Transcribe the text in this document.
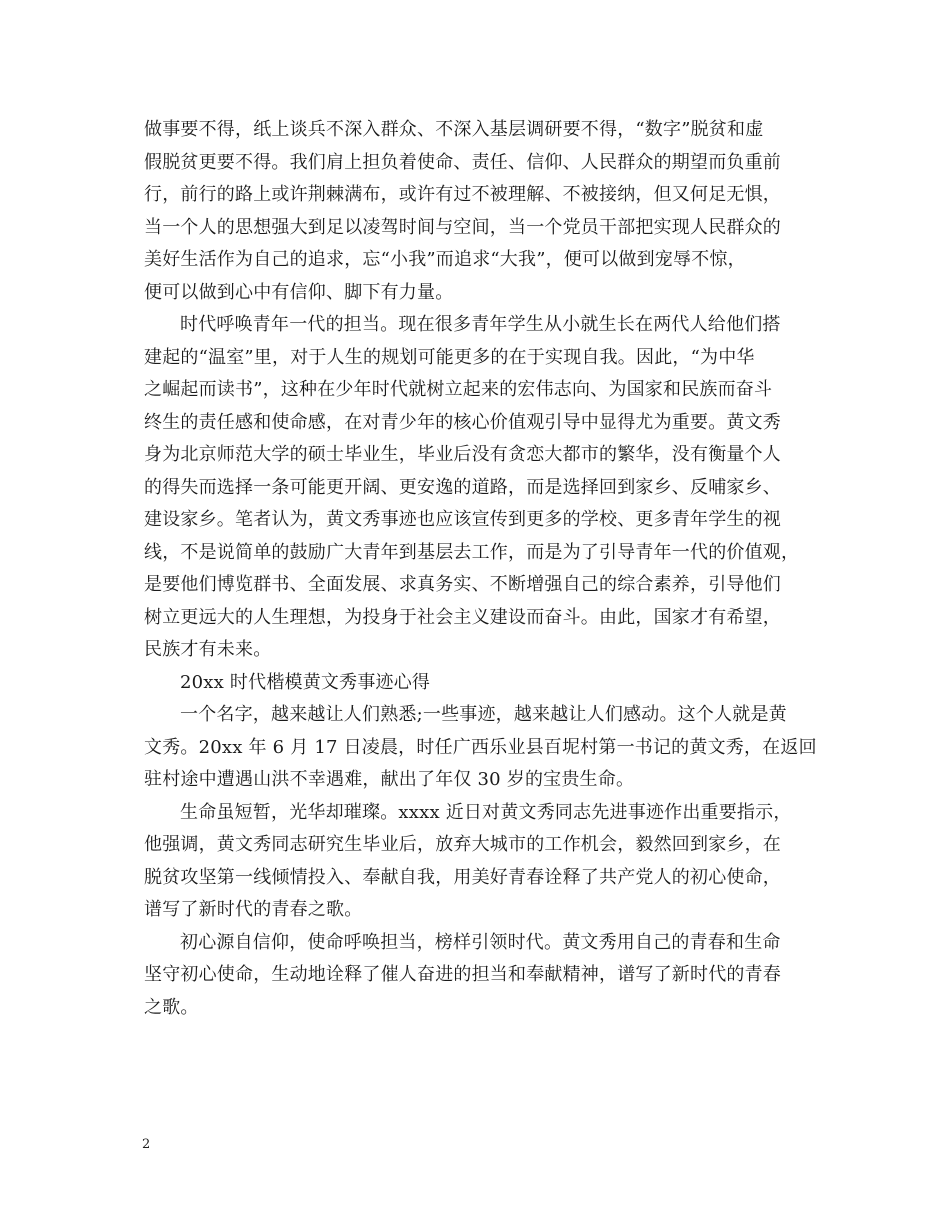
做事要不得，纸上谈兵不深入群众、不深入基层调研要不得，“数字”脱贫和虚
假脱贫更要不得。我们肩上担负着使命、责任、信仰、人民群众的期望而负重前
行，前行的路上或许荆棘满布，或许有过不被理解、不被接纳，但又何足无惧，
当一个人的思想强大到足以凌驾时间与空间，当一个党员干部把实现人民群众的
美好生活作为自己的追求，忘“小我”而追求“大我”，便可以做到宠辱不惊，
便可以做到心中有信仰、脚下有力量。
时代呼唤青年一代的担当。现在很多青年学生从小就生长在两代人给他们搭
建起的“温室”里，对于人生的规划可能更多的在于实现自我。因此，“为中华
之崛起而读书”，这种在少年时代就树立起来的宏伟志向、为国家和民族而奋斗
终生的责任感和使命感，在对青少年的核心价值观引导中显得尤为重要。黄文秀
身为北京师范大学的硕士毕业生，毕业后没有贪恋大都市的繁华，没有衡量个人
的得失而选择一条可能更开阔、更安逸的道路，而是选择回到家乡、反哺家乡、
建设家乡。笔者认为，黄文秀事迹也应该宣传到更多的学校、更多青年学生的视
线，不是说简单的鼓励广大青年到基层去工作，而是为了引导青年一代的价值观，
是要他们博览群书、全面发展、求真务实、不断增强自己的综合素养，引导他们
树立更远大的人生理想，为投身于社会主义建设而奋斗。由此，国家才有希望，
民族才有未来。
20xx 时代楷模黄文秀事迹心得
一个名字，越来越让人们熟悉;一些事迹，越来越让人们感动。这个人就是黄
文秀。20xx 年 6 月 17 日凌晨，时任广西乐业县百坭村第一书记的黄文秀，在返回
驻村途中遭遇山洪不幸遇难，献出了年仅 30 岁的宝贵生命。
生命虽短暂，光华却璀璨。xxxx 近日对黄文秀同志先进事迹作出重要指示，
他强调，黄文秀同志研究生毕业后，放弃大城市的工作机会，毅然回到家乡，在
脱贫攻坚第一线倾情投入、奉献自我，用美好青春诠释了共产党人的初心使命，
谱写了新时代的青春之歌。
初心源自信仰，使命呼唤担当，榜样引领时代。黄文秀用自己的青春和生命
坚守初心使命，生动地诠释了催人奋进的担当和奉献精神，谱写了新时代的青春
之歌。
2
